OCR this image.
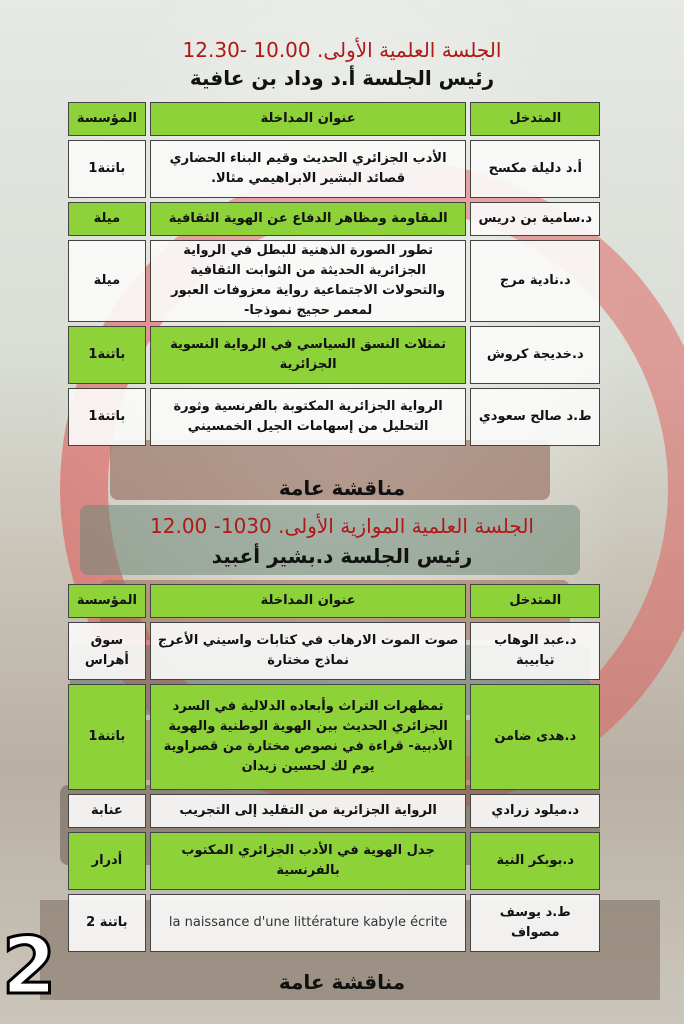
الجلسة العلمية الأولى. 10.00 -12.30
رئيس الجلسة أ.د وداد بن عافية
المتدخل
عنوان المداخلة
المؤسسة
أ.د دليلة مكسح
الأدب الجزائري الحديث وقيم البناء الحضاري قصائد البشير الابراهيمي مثالا.
باتنة1
د.سامية بن دريس
المقاومة ومظاهر الدفاع عن الهوية الثقافية
ميلة
د.نادية مرج
تطور الصورة الذهنية للبطل في الرواية الجزائرية الحديثة من الثوابت الثقافية والتحولات الاجتماعية رواية معزوفات العبور لمعمر حجيج نموذجا-
ميلة
د.خديجة كروش
تمثلات النسق السياسي في الرواية النسوية الجزائرية
باتنة1
ط.د صالح سعودي
الرواية الجزائرية المكتوبة بالفرنسية وثورة التحليل من إسهامات الجيل الخمسيني
باتنة1
مناقشة عامة
الجلسة العلمية الموازية الأولى. 1030- 12.00
رئيس الجلسة د.بشير أعبيد
المتدخل
عنوان المداخلة
المؤسسة
د.عبد الوهاب تيابيبة
صوت الموت الارهاب في كتابات واسيني الأعرج نماذج مختارة
سوق أهراس
د.هدى ضامن
تمظهرات التراث وأبعاده الدلالية في السرد الجزائري الحديث بين الهوية الوطنية والهوية الأدبية- قراءة في نصوص مختارة من قصراوية يوم لك لحسين زيدان
باتنة1
د.ميلود زرادي
الرواية الجزائرية من التقليد إلى التجريب
عنابة
د.بوبكر النية
جدل الهوية في الأدب الجزائري المكتوب بالفرنسية
أدرار
ط.د يوسف مصواف
la naissance d'une littérature kabyle écrite
باتنة 2
مناقشة عامة
2
